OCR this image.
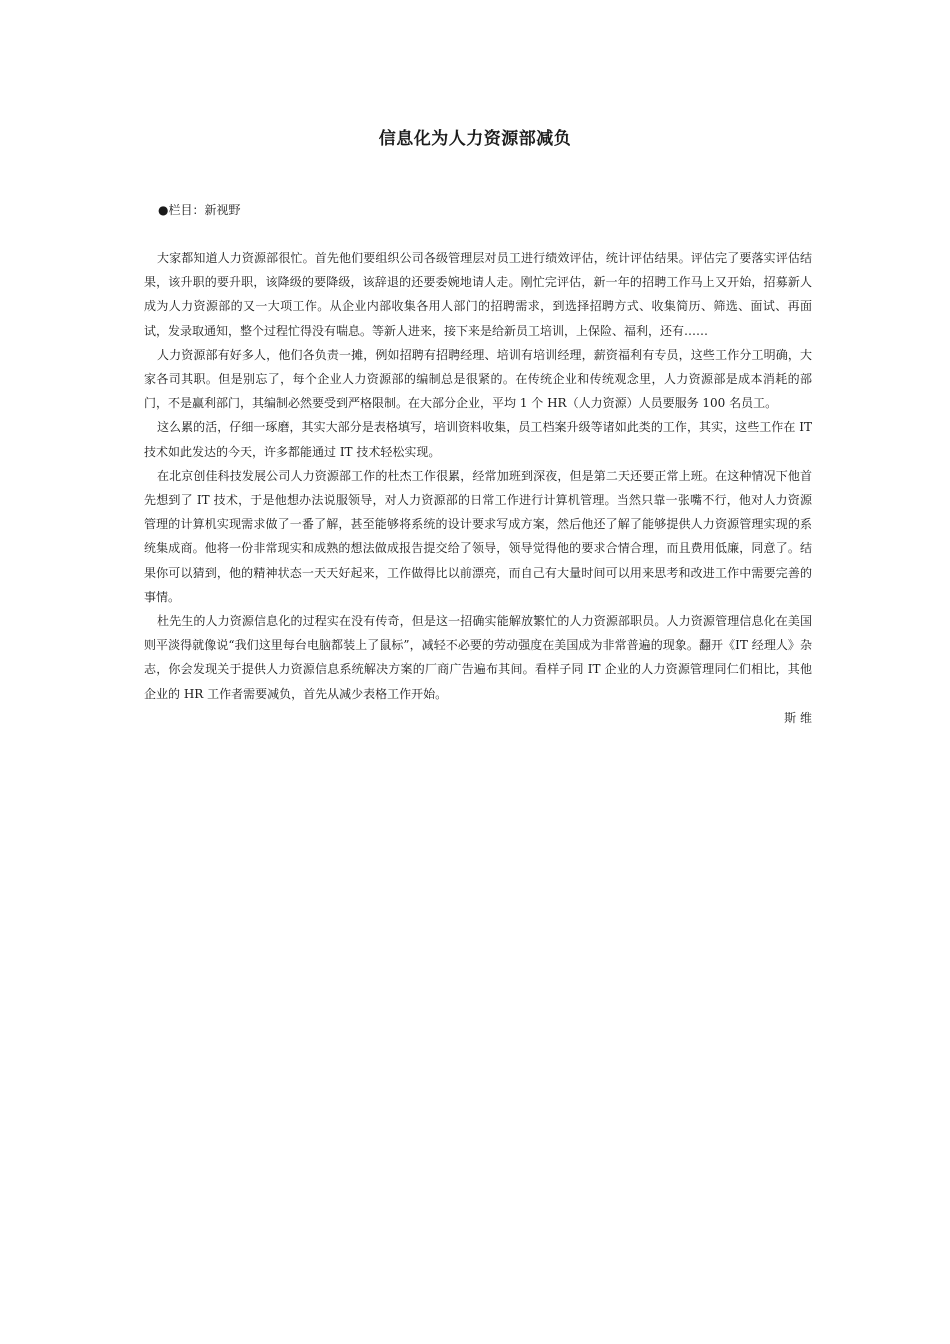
信息化为人力资源部减负
●栏目：新视野

大家都知道人力资源部很忙。首先他们要组织公司各级管理层对员工进行绩效评估，统计评估结果。评估完了要落实评估结果，该升职的要升职，该降级的要降级，该辞退的还要委婉地请人走。刚忙完评估，新一年的招聘工作马上又开始，招募新人成为人力资源部的又一大项工作。从企业内部收集各用人部门的招聘需求，到选择招聘方式、收集简历、筛选、面试、再面试，发录取通知，整个过程忙得没有喘息。等新人进来，接下来是给新员工培训，上保险、福利，还有……

人力资源部有好多人，他们各负责一摊，例如招聘有招聘经理、培训有培训经理，薪资福利有专员，这些工作分工明确，大家各司其职。但是别忘了，每个企业人力资源部的编制总是很紧的。在传统企业和传统观念里，人力资源部是成本消耗的部门，不是赢利部门，其编制必然要受到严格限制。在大部分企业，平均 1 个 HR（人力资源）人员要服务 100 名员工。

这么累的活，仔细一琢磨，其实大部分是表格填写，培训资料收集，员工档案升级等诸如此类的工作，其实，这些工作在 IT 技术如此发达的今天，许多都能通过 IT 技术轻松实现。

在北京创佳科技发展公司人力资源部工作的杜杰工作很累，经常加班到深夜，但是第二天还要正常上班。在这种情况下他首先想到了 IT 技术，于是他想办法说服领导，对人力资源部的日常工作进行计算机管理。当然只靠一张嘴不行，他对人力资源管理的计算机实现需求做了一番了解，甚至能够将系统的设计要求写成方案，然后他还了解了能够提供人力资源管理实现的系统集成商。他将一份非常现实和成熟的想法做成报告提交给了领导，领导觉得他的要求合情合理，而且费用低廉，同意了。结果你可以猜到，他的精神状态一天天好起来，工作做得比以前漂亮，而自己有大量时间可以用来思考和改进工作中需要完善的事情。

杜先生的人力资源信息化的过程实在没有传奇，但是这一招确实能解放繁忙的人力资源部职员。人力资源管理信息化在美国则平淡得就像说“我们这里每台电脑都装上了鼠标”，减轻不必要的劳动强度在美国成为非常普遍的现象。翻开《IT 经理人》杂志，你会发现关于提供人力资源信息系统解决方案的厂商广告遍布其间。看样子同 IT 企业的人力资源管理同仁们相比，其他企业的 HR 工作者需要减负，首先从减少表格工作开始。

斯 维
